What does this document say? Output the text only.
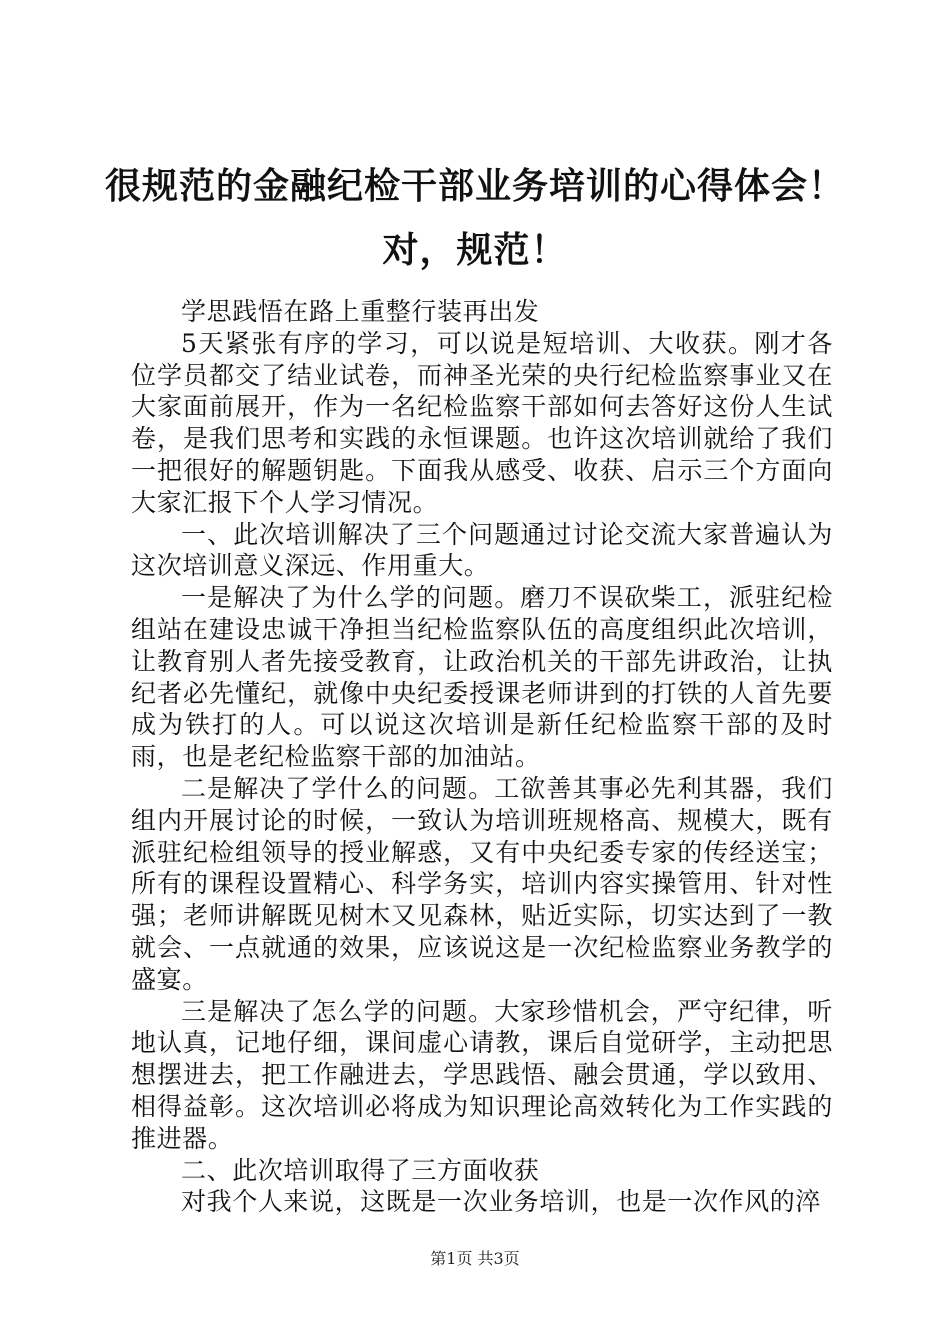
很规范的金融纪检干部业务培训的心得体会！
对，规范！

学思践悟在路上重整行装再出发

5天紧张有序的学习，可以说是短培训、大收获。刚才各位学员都交了结业试卷，而神圣光荣的央行纪检监察事业又在大家面前展开，作为一名纪检监察干部如何去答好这份人生试卷，是我们思考和实践的永恒课题。也许这次培训就给了我们一把很好的解题钥匙。下面我从感受、收获、启示三个方面向大家汇报下个人学习情况。

一、此次培训解决了三个问题通过讨论交流大家普遍认为这次培训意义深远、作用重大。

一是解决了为什么学的问题。磨刀不误砍柴工，派驻纪检组站在建设忠诚干净担当纪检监察队伍的高度组织此次培训，让教育别人者先接受教育，让政治机关的干部先讲政治，让执纪者必先懂纪，就像中央纪委授课老师讲到的打铁的人首先要成为铁打的人。可以说这次培训是新任纪检监察干部的及时雨，也是老纪检监察干部的加油站。

二是解决了学什么的问题。工欲善其事必先利其器，我们组内开展讨论的时候，一致认为培训班规格高、规模大，既有派驻纪检组领导的授业解惑，又有中央纪委专家的传经送宝；所有的课程设置精心、科学务实，培训内容实操管用、针对性强；老师讲解既见树木又见森林，贴近实际，切实达到了一教就会、一点就通的效果，应该说这是一次纪检监察业务教学的盛宴。

三是解决了怎么学的问题。大家珍惜机会，严守纪律，听地认真，记地仔细，课间虚心请教，课后自觉研学，主动把思想摆进去，把工作融进去，学思践悟、融会贯通，学以致用、相得益彰。这次培训必将成为知识理论高效转化为工作实践的推进器。

二、此次培训取得了三方面收获

对我个人来说，这既是一次业务培训，也是一次作风的淬

第1页 共3页
